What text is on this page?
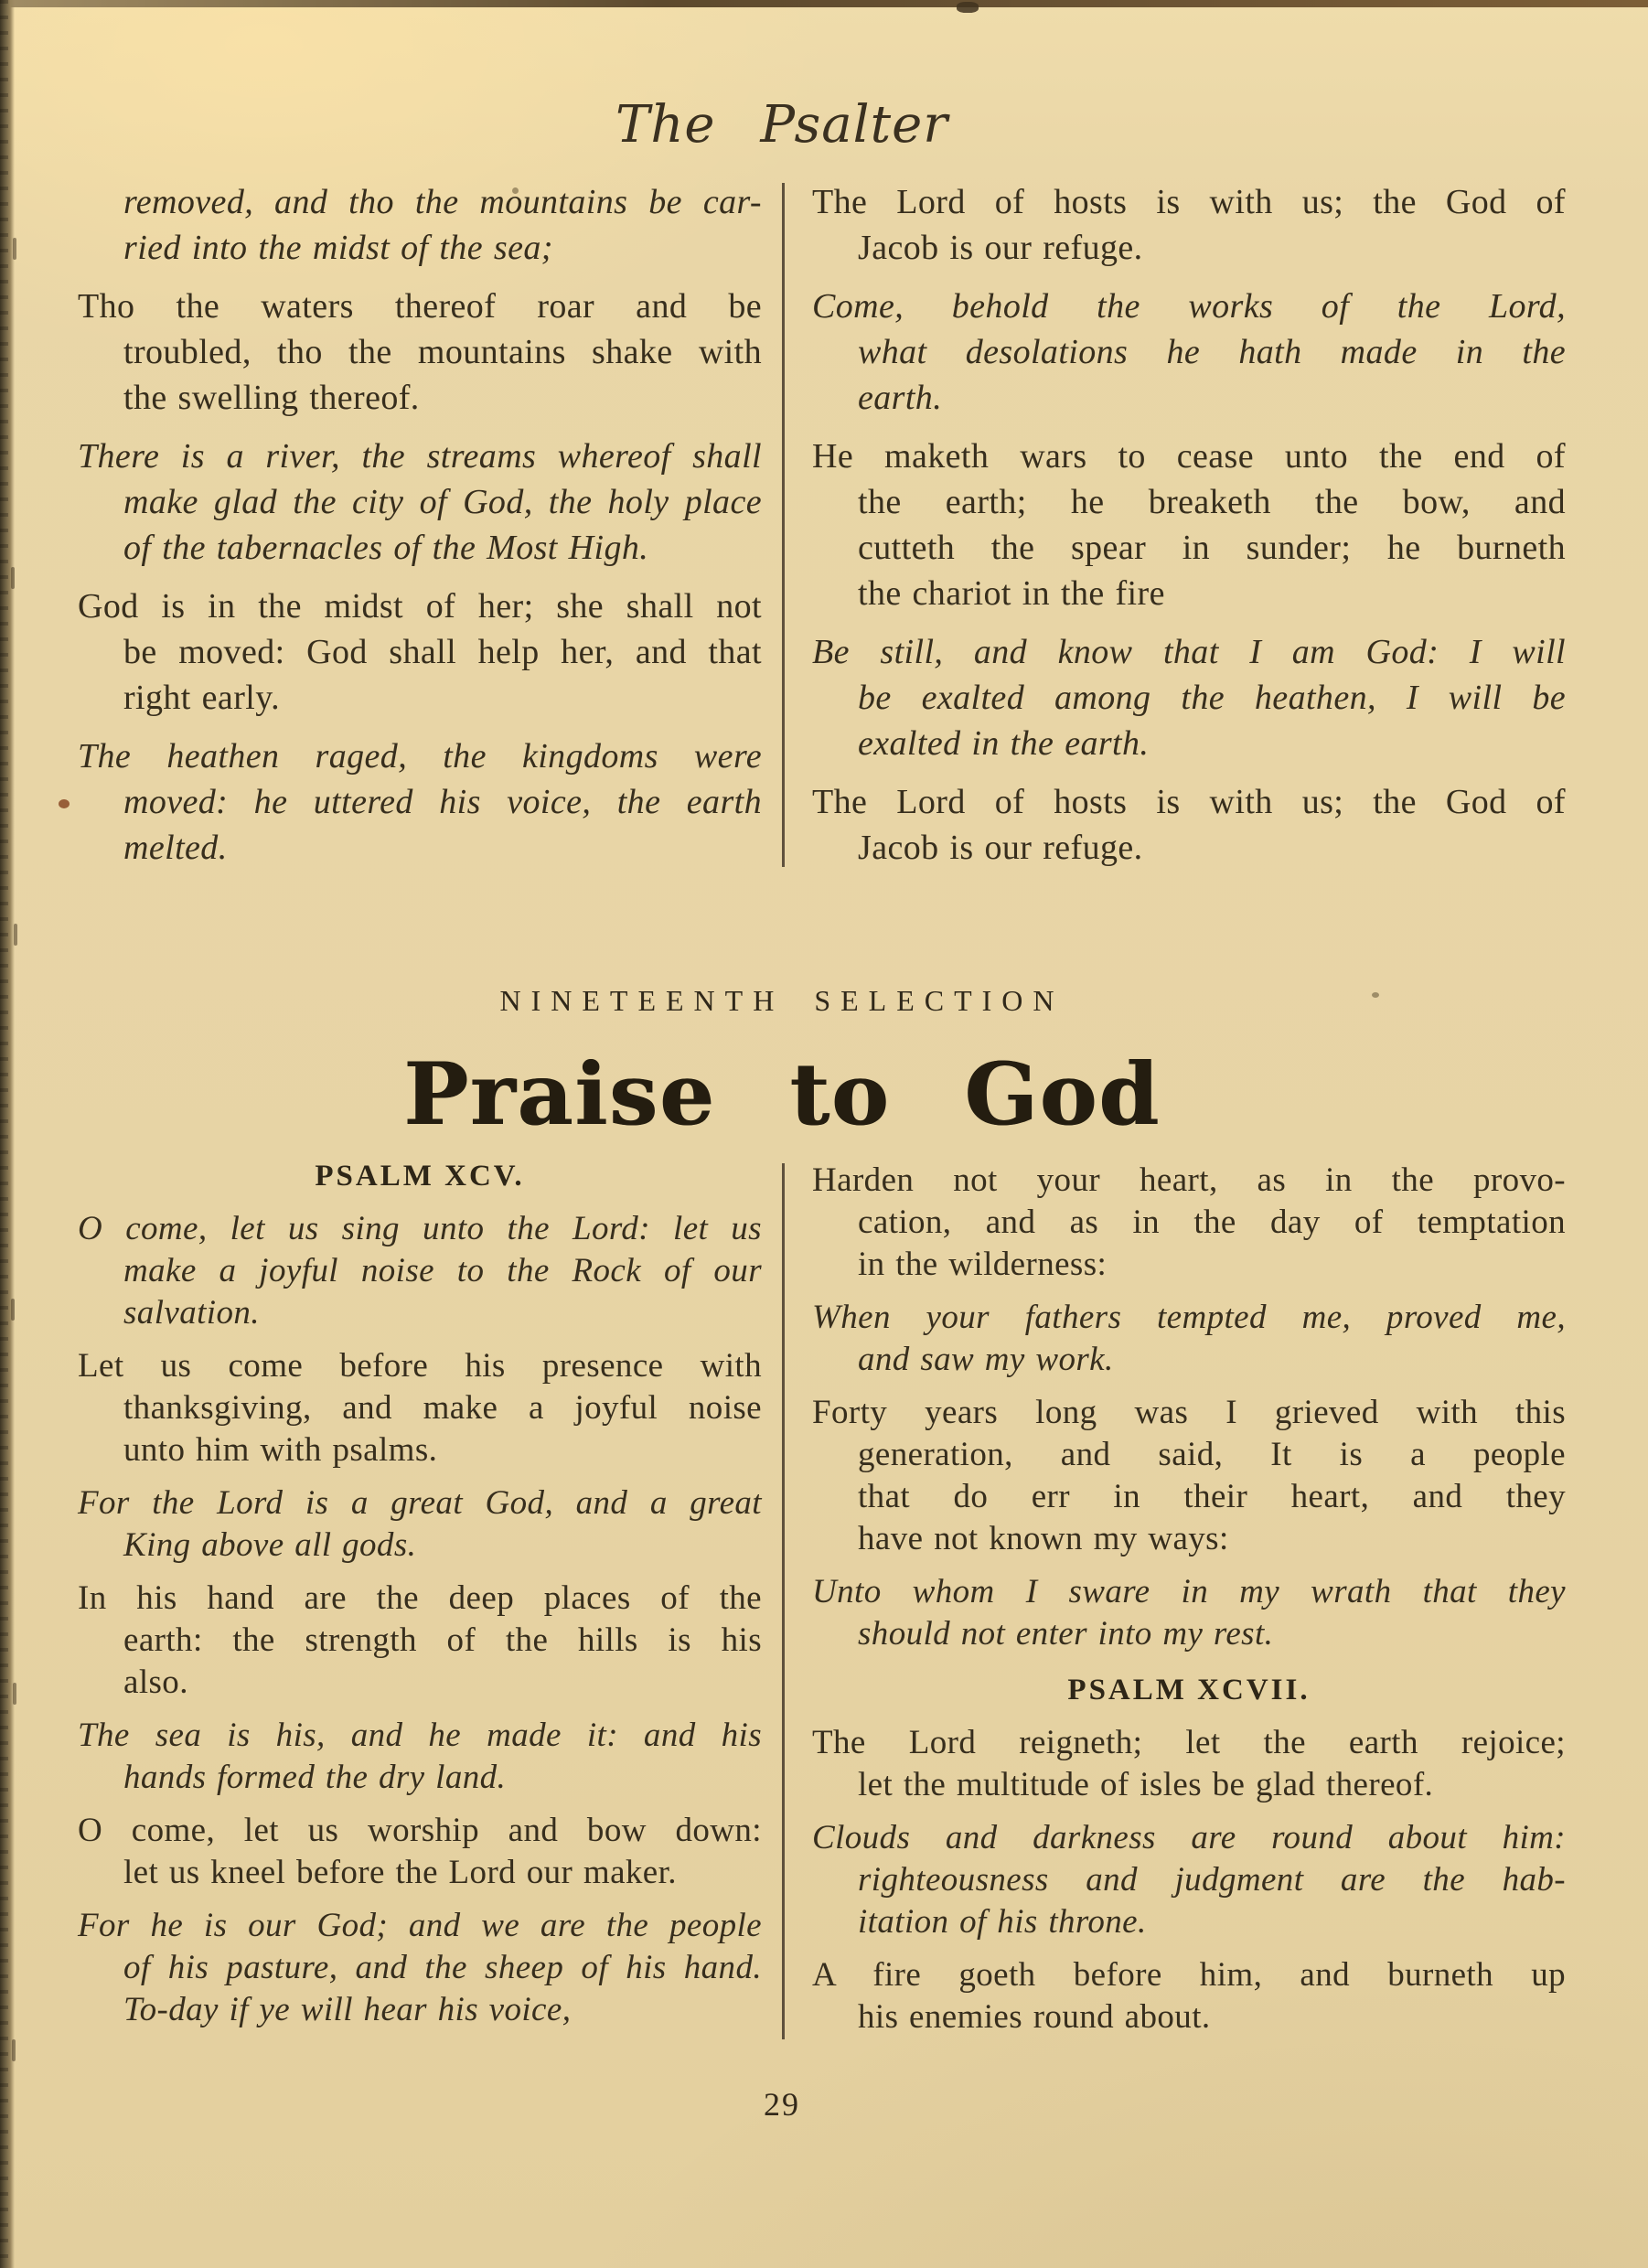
The Psalter
removed, and tho the mountains be car-
ried into the midst of the sea;
Tho the waters thereof roar and be
troubled, tho the mountains shake with
the swelling thereof.
There is a river, the streams whereof shall
make glad the city of God, the holy place
of the tabernacles of the Most High.
God is in the midst of her; she shall not
be moved: God shall help her, and that
right early.
The heathen raged, the kingdoms were
moved: he uttered his voice, the earth
melted.
The Lord of hosts is with us; the God of
Jacob is our refuge.
Come, behold the works of the Lord,
what desolations he hath made in the
earth.
He maketh wars to cease unto the end of
the earth; he breaketh the bow, and
cutteth the spear in sunder; he burneth
the chariot in the fire
Be still, and know that I am God: I will
be exalted among the heathen, I will be
exalted in the earth.
The Lord of hosts is with us; the God of
Jacob is our refuge.
NINETEENTH SELECTION
Praise to God
PSALM XCV.
O come, let us sing unto the Lord: let us
make a joyful noise to the Rock of our
salvation.
Let us come before his presence with
thanksgiving, and make a joyful noise
unto him with psalms.
For the Lord is a great God, and a great
King above all gods.
In his hand are the deep places of the
earth: the strength of the hills is his
also.
The sea is his, and he made it: and his
hands formed the dry land.
O come, let us worship and bow down:
let us kneel before the Lord our maker.
For he is our God; and we are the people
of his pasture, and the sheep of his hand.
To-day if ye will hear his voice,
Harden not your heart, as in the provo-
cation, and as in the day of temptation
in the wilderness:
When your fathers tempted me, proved me,
and saw my work.
Forty years long was I grieved with this
generation, and said, It is a people
that do err in their heart, and they
have not known my ways:
Unto whom I sware in my wrath that they
should not enter into my rest.
PSALM XCVII.
The Lord reigneth; let the earth rejoice;
let the multitude of isles be glad thereof.
Clouds and darkness are round about him:
righteousness and judgment are the hab-
itation of his throne.
A fire goeth before him, and burneth up
his enemies round about.
29
